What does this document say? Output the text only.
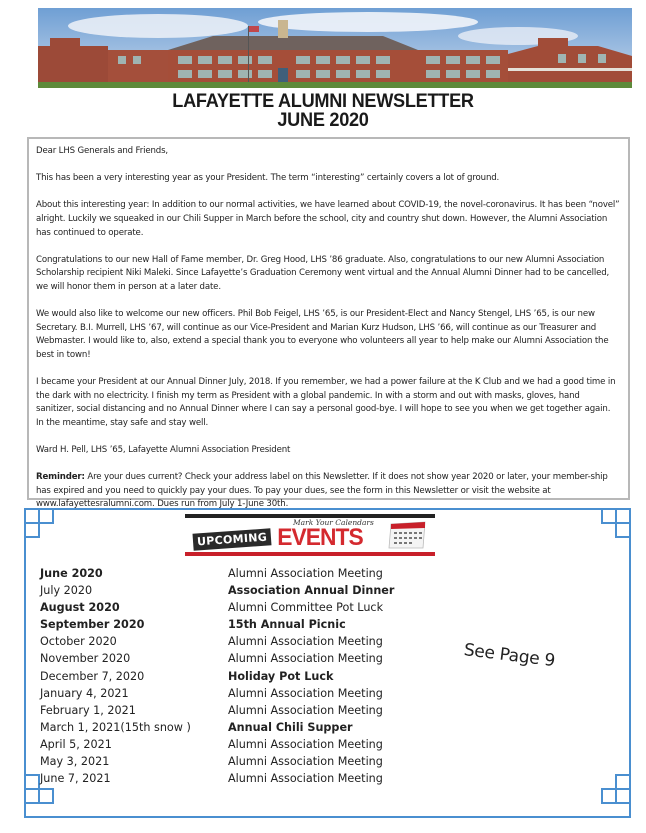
LAFAYETTE ALUMNI NEWSLETTER
JUNE 2020

Dear LHS Generals and Friends,

This has been a very interesting year as your President. The term “interesting” certainly covers a lot of ground.

About this interesting year: In addition to our normal activities, we have learned about COVID-19, the novel-coronavirus. It has been “novel” alright. Luckily we squeaked in our Chili Supper in March before the school, city and country shut down. However, the Alumni Association has continued to operate.

Congratulations to our new Hall of Fame member, Dr. Greg Hood, LHS ’86 graduate. Also, congratulations to our new Alumni Association Scholarship recipient Niki Maleki. Since Lafayette’s Graduation Ceremony went virtual and the Annual Alumni Dinner had to be cancelled, we will honor them in person at a later date.

We would also like to welcome our new officers. Phil Bob Feigel, LHS ’65, is our President-Elect and Nancy Stengel, LHS ’65, is our new Secretary. B.I. Murrell, LHS ’67, will continue as our Vice-President and Marian Kurz Hudson, LHS ’66, will continue as our Treasurer and Webmaster. I would like to, also, extend a special thank you to everyone who volunteers all year to help make our Alumni Association the best in town!

I became your President at our Annual Dinner July, 2018. If you remember, we had a power failure at the K Club and we had a good time in the dark with no electricity. I finish my term as President with a global pandemic. In with a storm and out with masks, gloves, hand sanitizer, social distancing and no Annual Dinner where I can say a personal good-bye. I will hope to see you when we get together again. In the meantime, stay safe and stay well.

Ward H. Pell, LHS ’65, Lafayette Alumni Association President

Reminder: Are your dues current? Check your address label on this Newsletter. If it does not show year 2020 or later, your member-ship has expired and you need to quickly pay your dues. To pay your dues, see the form in this Newsletter or visit the website at www.lafayettesralumni.com. Dues run from July 1-June 30th.

Mark Your Calendars
UPCOMING EVENTS
June 2020	Alumni Association Meeting
July 2020	Association Annual Dinner
August 2020	Alumni Committee Pot Luck
September 2020	15th Annual Picnic
October 2020	Alumni Association Meeting
November 2020	Alumni Association Meeting
December 7, 2020	Holiday Pot Luck
January 4, 2021	Alumni Association Meeting
February 1, 2021	Alumni Association Meeting
March 1, 2021(15th snow )	Annual Chili Supper
April 5, 2021	Alumni Association Meeting
May 3, 2021	Alumni Association Meeting
June 7, 2021	Alumni Association Meeting
See Page 9
